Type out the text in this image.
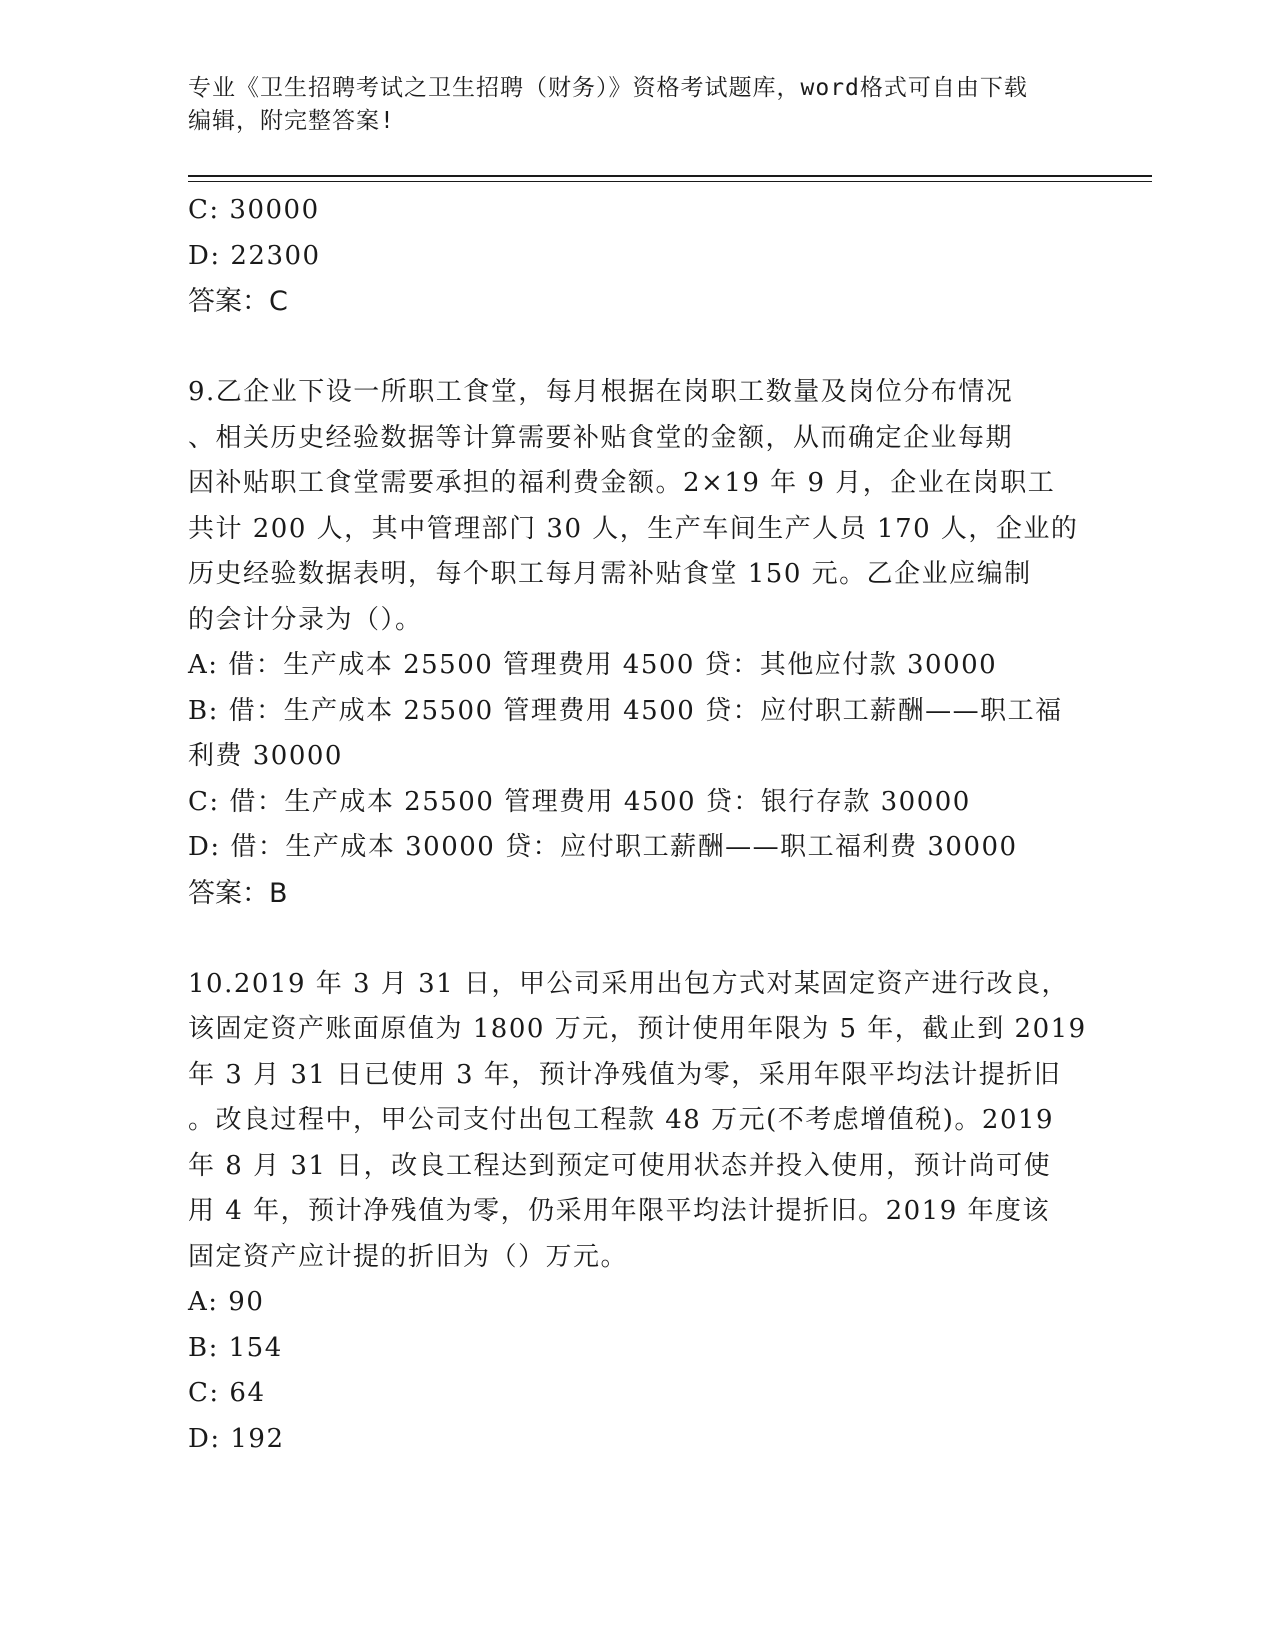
专业《卫生招聘考试之卫生招聘（财务）》资格考试题库，word格式可自由下载
编辑，附完整答案!
C: 30000
D: 22300
答案：C
9.乙企业下设一所职工食堂，每月根据在岗职工数量及岗位分布情况
、相关历史经验数据等计算需要补贴食堂的金额，从而确定企业每期
因补贴职工食堂需要承担的福利费金额。2×19 年 9 月，企业在岗职工
共计 200 人，其中管理部门 30 人，生产车间生产人员 170 人，企业的
历史经验数据表明，每个职工每月需补贴食堂 150 元。乙企业应编制
的会计分录为（）。
A: 借：生产成本 25500 管理费用 4500 贷：其他应付款 30000
B: 借：生产成本 25500 管理费用 4500 贷：应付职工薪酬——职工福
利费 30000
C: 借：生产成本 25500 管理费用 4500 贷：银行存款 30000
D: 借：生产成本 30000 贷：应付职工薪酬——职工福利费 30000
答案：B
10.2019 年 3 月 31 日，甲公司采用出包方式对某固定资产进行改良，
该固定资产账面原值为 1800 万元，预计使用年限为 5 年，截止到 2019
年 3 月 31 日已使用 3 年，预计净残值为零，采用年限平均法计提折旧
。改良过程中，甲公司支付出包工程款 48 万元(不考虑增值税)。2019
年 8 月 31 日，改良工程达到预定可使用状态并投入使用，预计尚可使
用 4 年，预计净残值为零，仍采用年限平均法计提折旧。2019 年度该
固定资产应计提的折旧为（）万元。
A: 90
B: 154
C: 64
D: 192
